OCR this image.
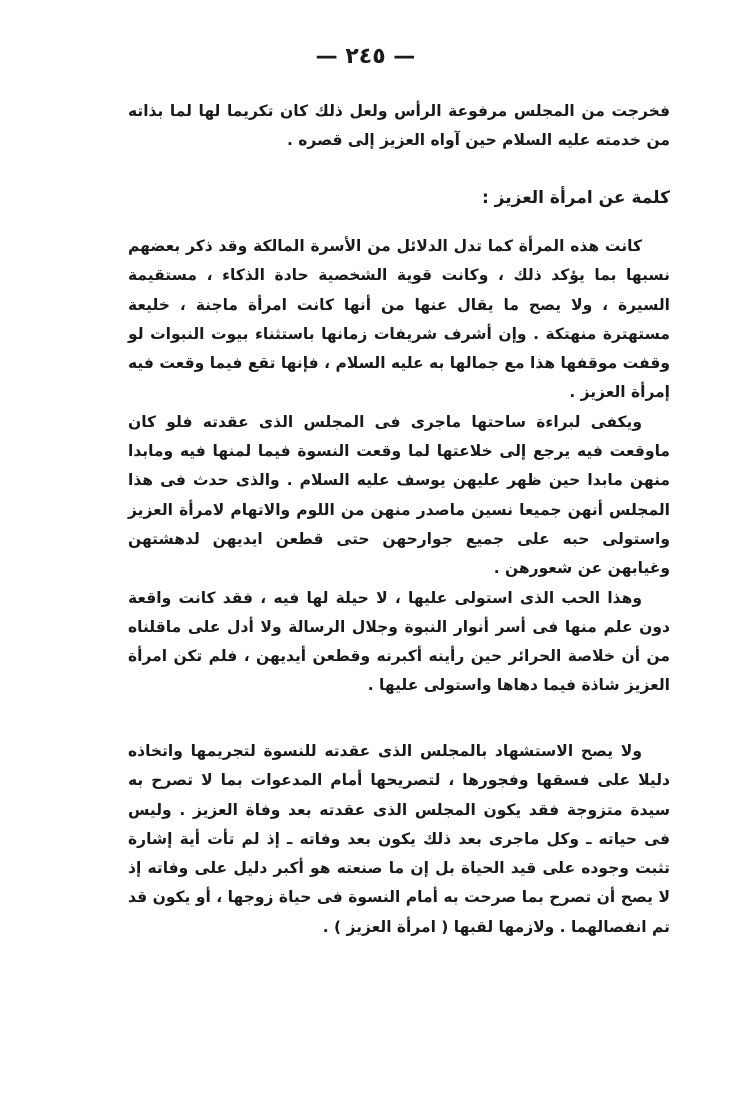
— ٢٤٥ —

فخرجت من المجلس مرفوعة الرأس ولعل ذلك كان تكريما لها لما بذاته من خدمته عليه السلام حين آواه العزيز إلى قصره .

كلمة عن امرأة العزيز :

كانت هذه المرأة كما تدل الدلائل من الأسرة المالكة وقد ذكر بعضهم نسبها بما يؤكد ذلك ، وكانت قوية الشخصية حادة الذكاء ، مستقيمة السيرة ، ولا يصح ما يقال عنها من أنها كانت امرأة ماجنة ، خليعة مستهترة منهتكة . وإن أشرف شريفات زمانها باستثناء بيوت النبوات لو وقفت موقفها هذا مع جمالها به عليه السلام ، فإنها تقع فيما وقعت فيه إمرأة العزيز .

ويكفى لبراءة ساحتها ماجرى فى المجلس الذى عقدته فلو كان ماوقعت فيه يرجع إلى خلاعتها لما وقعت النسوة فيما لمنها فيه ومابدا منهن مابدا حين ظهر عليهن يوسف عليه السلام . والذى حدث فى هذا المجلس أنهن جميعا نسين ماصدر منهن من اللوم والاتهام لامرأة العزيز واستولى حبه على جميع جوارحهن حتى قطعن ايديهن لدهشتهن وغيابهن عن شعورهن .

وهذا الحب الذى استولى عليها ، لا حيلة لها فيه ، فقد كانت واقعة دون علم منها فى أسر أنوار النبوة وجلال الرسالة ولا أدل على ماقلناه من أن خلاصة الحرائر حين رأينه أكبرنه وقطعن أيديهن ، فلم تكن امرأة العزيز شاذة فيما دهاها واستولى عليها .

ولا يصح الاستشهاد بالمجلس الذى عقدته للنسوة لتجريمها واتخاذه دليلا على فسقها وفجورها ، لتصريحها أمام المدعوات بما لا تصرح به سيدة متزوجة فقد يكون المجلس الذى عقدته بعد وفاة العزيز . وليس فى حياته ـ وكل ماجرى بعد ذلك يكون بعد وفاته ـ إذ لم تأت أية إشارة تثبت وجوده على قيد الحياة بل إن ما صنعته هو أكبر دليل على وفاته إذ لا يصح أن تصرح بما صرحت به أمام النسوة فى حياة زوجها ، أو يكون قد تم انفصالهما . ولازمها لقبها ( امرأة العزيز ) .
